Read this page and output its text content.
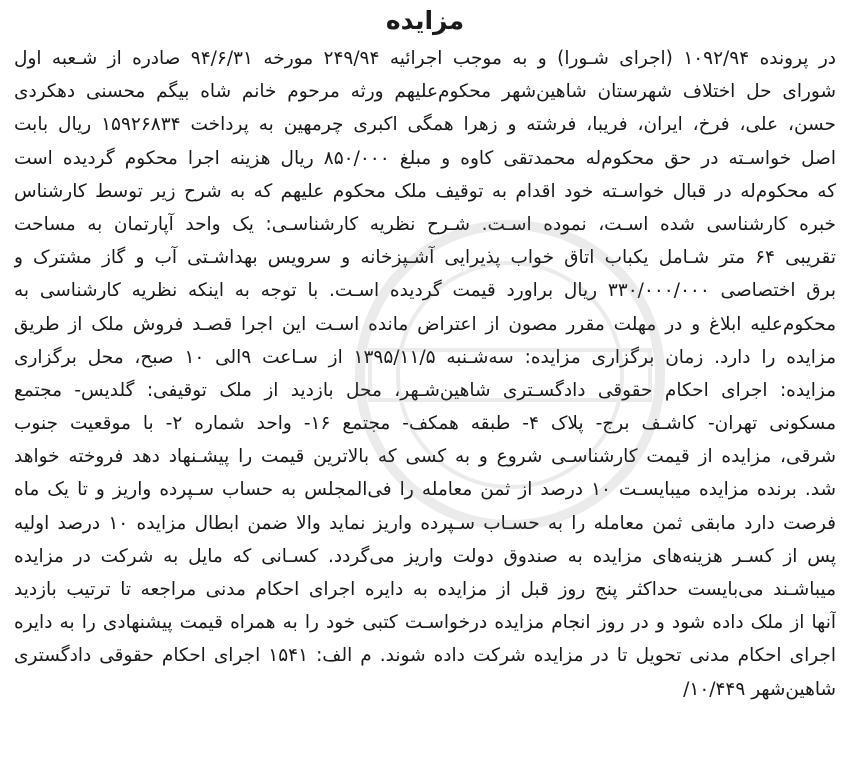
مزایده
در پرونده ۱۰۹۲/۹۴ (اجرای شـورا) و به موجب اجرائیه ۲۴۹/۹۴ مورخه ۹۴/۶/۳۱ صادره از شـعبه اول
شورای حل اختلاف شهرستان شاهین‌شهر محکوم‌علیهم ورثه مرحوم خانم شاه بیگم محسنی دهکردی
حسن، علی، فرخ، ایران، فریبا، فرشته و زهرا همگی اکبری چرمهین به پرداخت ۱۵۹۲۶۸۳۴ ریال بابت
اصل خواسـته در حق محکوم‌له محمدتقی کاوه و مبلغ ۸۵۰/۰۰۰ ریال هزینه اجرا محکوم گردیده است
که محکوم‌له در قبال خواسـته خود اقدام به توقیف ملک محکوم علیهم که به شرح زیر توسط کارشناس
خبره کارشناسی شده اسـت، نموده اسـت. شـرح نظریه کارشناسـی: یک واحد آپارتمان به مساحت
تقریبی ۶۴ متر شـامل یکباب اتاق خواب پذیرایی آشـپزخانه و سرویس بهداشـتی آب و گاز مشترک و
برق اختصاصی ۳۳۰/۰۰۰/۰۰۰ ریال براورد قیمت گردیده اسـت. با توجه به اینکه نظریه کارشناسی به
محکوم‌علیه ابلاغ و در مهلت مقرر مصون از اعتراض مانده اسـت این اجرا قصـد فروش ملک از طریق
مزایده را دارد. زمان برگزاری مزایده: سه‌شـنبه ۱۳۹۵/۱۱/۵ از سـاعت ۹الی ۱۰ صبح، محل برگزاری
مزایده: اجرای احکام حقوقی دادگسـتری شاهین‌شـهر، محل بازدید از ملک توقیفی: گلدیس- مجتمع
مسکونی تهران- کاشـف برج- پلاک ۴- طبقه همکف- مجتمع ۱۶- واحد شماره ۲- با موقعیت جنوب
شرقی، مزایده از قیمت کارشناسـی شروع و به کسی که بالاترین قیمت را پیشـنهاد دهد فروخته خواهد
شد. برنده مزایده میبایسـت ۱۰ درصد از ثمن معامله را فی‌المجلس به حساب سـپرده واریز و تا یک ماه
فرصت دارد مابقی ثمن معامله را به حسـاب سـپرده واریز نماید والا ضمن ابطال مزایده ۱۰ درصد اولیه
پس از کسـر هزینه‌های مزایده به صندوق دولت واریز می‌گردد. کسـانی که مایل به شرکت در مزایده
میباشـند می‌بایست حداکثر پنج روز قبل از مزایده به دایره اجرای احکام مدنی مراجعه تا ترتیب بازدید
آنها از ملک داده شود و در روز انجام مزایده درخواسـت کتبی خود را به همراه قیمت پیشنهادی را به دایره
اجرای احکام مدنی تحویل تا در مزایده شرکت داده شوند. م الف: ۱۵۴۱ اجرای احکام حقوقی دادگستری
شاهین‌شهر ۱۰/۴۴۹/
